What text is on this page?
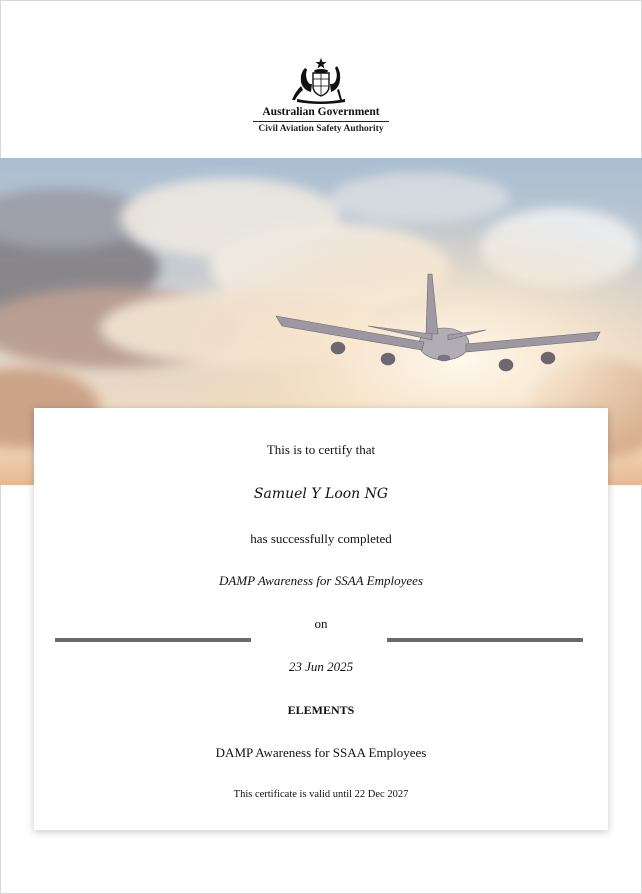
Australian Government
Civil Aviation Safety Authority
This is to certify that
Samuel Y Loon NG
has successfully completed
DAMP Awareness for SSAA Employees
on
23 Jun 2025
ELEMENTS
DAMP Awareness for SSAA Employees
This certificate is valid until 22 Dec 2027
